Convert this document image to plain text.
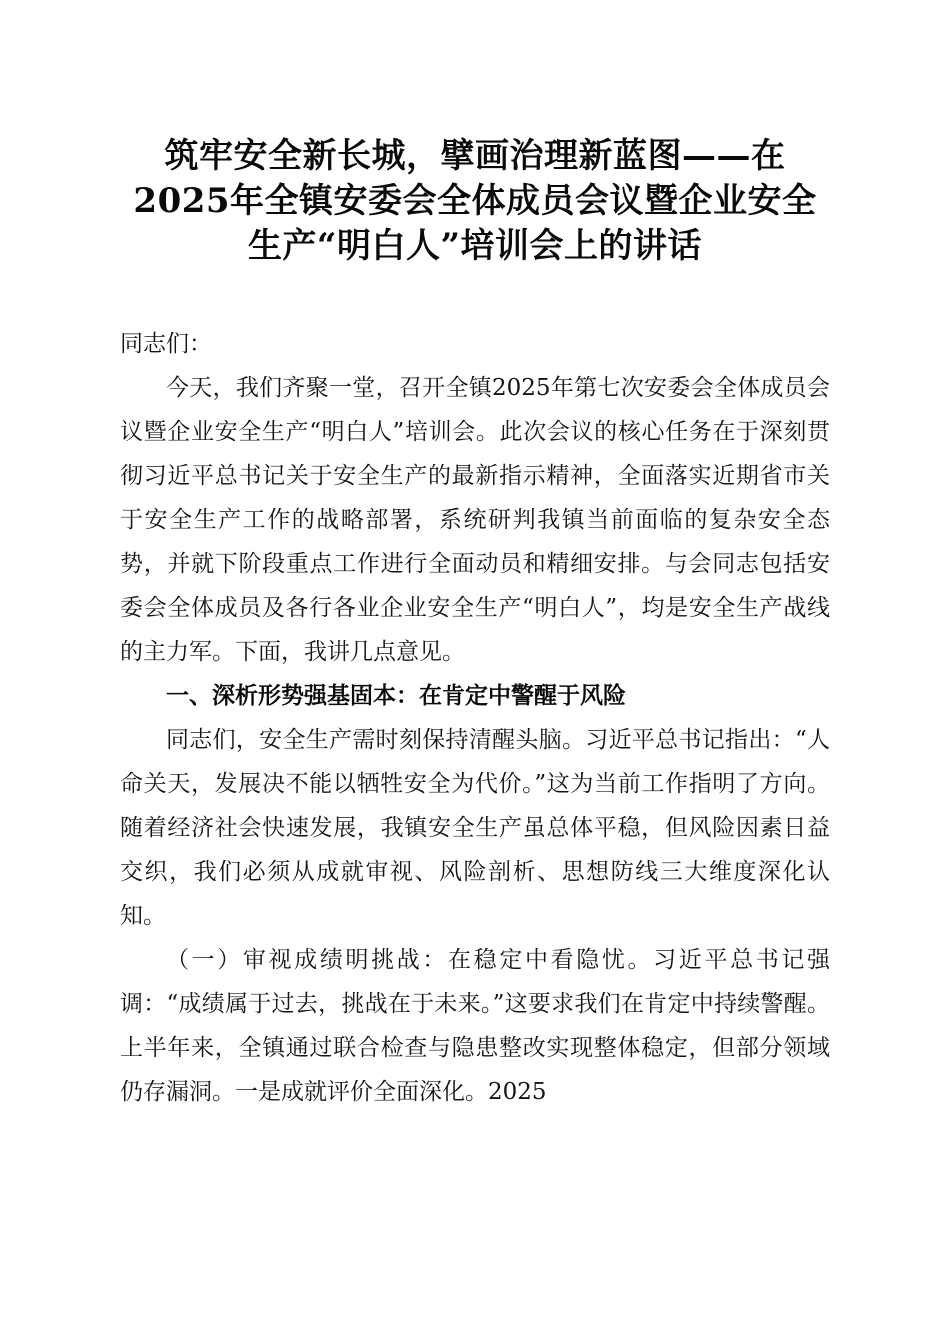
筑牢安全新长城，擘画治理新蓝图——在
2025年全镇安委会全体成员会议暨企业安全
生产“明白人”培训会上的讲话

同志们：

今天，我们齐聚一堂，召开全镇2025年第七次安委会全体成员会议暨企业安全生产“明白人”培训会。此次会议的核心任务在于深刻贯彻习近平总书记关于安全生产的最新指示精神，全面落实近期省市关于安全生产工作的战略部署，系统研判我镇当前面临的复杂安全态势，并就下阶段重点工作进行全面动员和精细安排。与会同志包括安委会全体成员及各行各业企业安全生产“明白人”，均是安全生产战线的主力军。下面，我讲几点意见。

一、深析形势强基固本：在肯定中警醒于风险

同志们，安全生产需时刻保持清醒头脑。习近平总书记指出：“人命关天，发展决不能以牺牲安全为代价。”这为当前工作指明了方向。随着经济社会快速发展，我镇安全生产虽总体平稳，但风险因素日益交织，我们必须从成就审视、风险剖析、思想防线三大维度深化认知。

（一）审视成绩明挑战：在稳定中看隐忧。习近平总书记强调：“成绩属于过去，挑战在于未来。”这要求我们在肯定中持续警醒。上半年来，全镇通过联合检查与隐患整改实现整体稳定，但部分领域仍存漏洞。一是成就评价全面深化。2025
